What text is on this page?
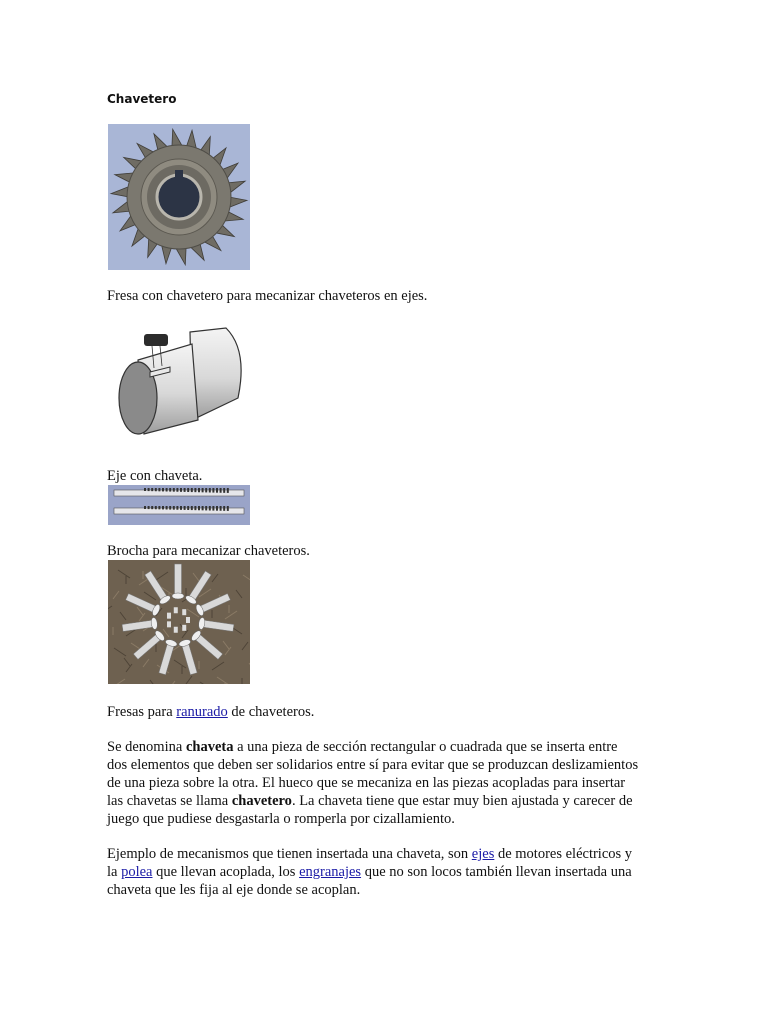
Chavetero
Fresa con chavetero para mecanizar chaveteros en ejes.
Eje con chaveta.
Brocha para mecanizar chaveteros.
Fresas para ranurado de chaveteros.

Se denomina chaveta a una pieza de sección rectangular o cuadrada que se inserta entre

dos elementos que deben ser solidarios entre sí para evitar que se produzcan deslizamientos

de una pieza sobre la otra. El hueco que se mecaniza en las piezas acopladas para insertar

las chavetas se llama chavetero. La chaveta tiene que estar muy bien ajustada y carecer de

juego que pudiese desgastarla o romperla por cizallamiento.

Ejemplo de mecanismos que tienen insertada una chaveta, son ejes de motores eléctricos y

la polea que llevan acoplada, los engranajes que no son locos también llevan insertada una

chaveta que les fija al eje donde se acoplan.
